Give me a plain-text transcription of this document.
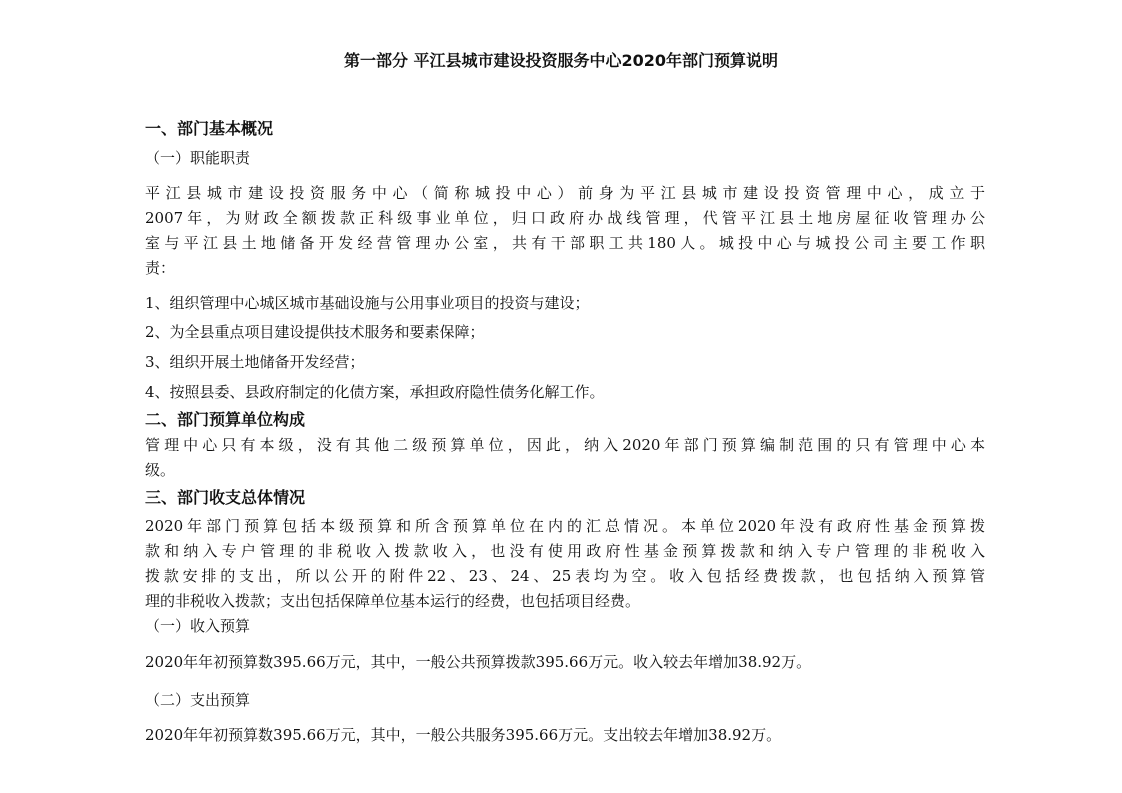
第一部分 平江县城市建设投资服务中心2020年部门预算说明
一、部门基本概况
（一）职能职责
平江县城市建设投资服务中心（简称城投中心）前身为平江县城市建设投资管理中心，成立于
2007年，为财政全额拨款正科级事业单位，归口政府办战线管理，代管平江县土地房屋征收管理办公
室与平江县土地储备开发经营管理办公室，共有干部职工共180人。城投中心与城投公司主要工作职
责：
1、组织管理中心城区城市基础设施与公用事业项目的投资与建设；
2、为全县重点项目建设提供技术服务和要素保障；
3、组织开展土地储备开发经营；
4、按照县委、县政府制定的化债方案，承担政府隐性债务化解工作。
二、部门预算单位构成
管理中心只有本级，没有其他二级预算单位，因此，纳入2020年部门预算编制范围的只有管理中心本
级。
三、部门收支总体情况
2020年部门预算包括本级预算和所含预算单位在内的汇总情况。本单位2020年没有政府性基金预算拨
款和纳入专户管理的非税收入拨款收入，也没有使用政府性基金预算拨款和纳入专户管理的非税收入
拨款安排的支出，所以公开的附件22、23、24、25表均为空。收入包括经费拨款，也包括纳入预算管
理的非税收入拨款；支出包括保障单位基本运行的经费，也包括项目经费。
（一）收入预算
2020年年初预算数395.66万元，其中，一般公共预算拨款395.66万元。收入较去年增加38.92万。
（二）支出预算
2020年年初预算数395.66万元，其中，一般公共服务395.66万元。支出较去年增加38.92万。
